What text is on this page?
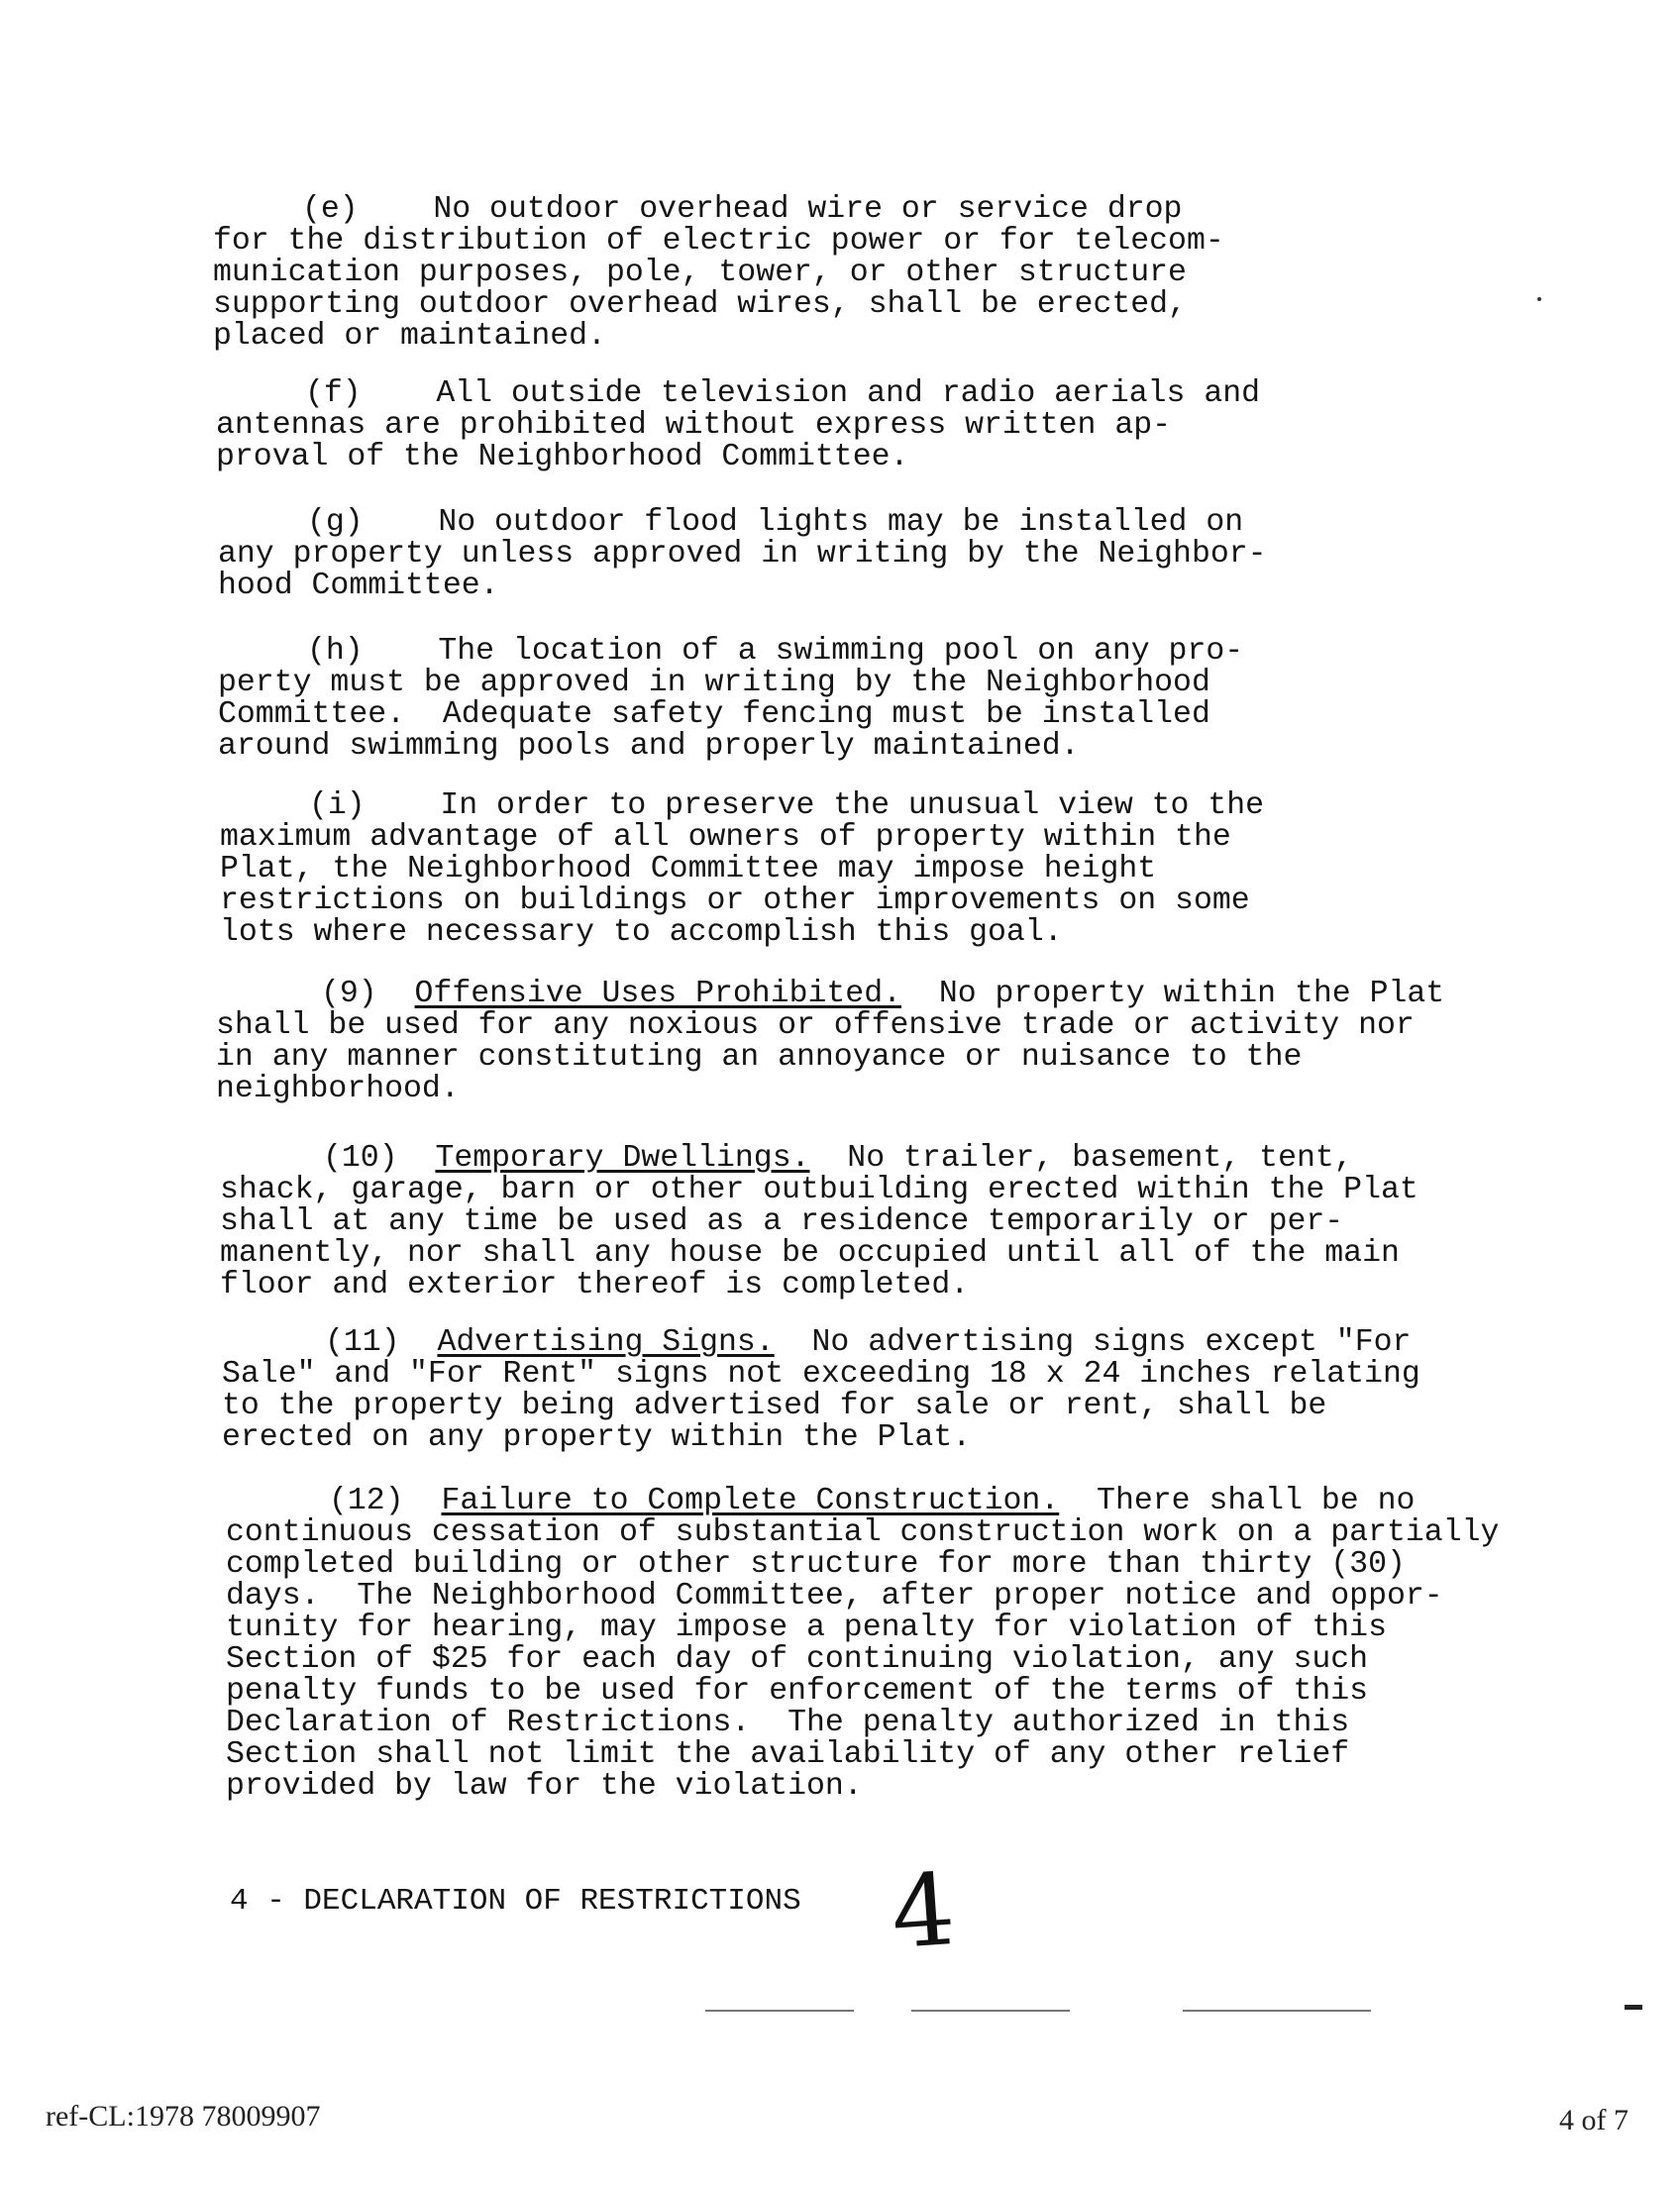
(e)    No outdoor overhead wire or service drop
for the distribution of electric power or for telecom-
munication purposes, pole, tower, or other structure
supporting outdoor overhead wires, shall be erected,
placed or maintained.
(f)    All outside television and radio aerials and
antennas are prohibited without express written ap-
proval of the Neighborhood Committee.
(g)    No outdoor flood lights may be installed on
any property unless approved in writing by the Neighbor-
hood Committee.
(h)    The location of a swimming pool on any pro-
perty must be approved in writing by the Neighborhood
Committee.  Adequate safety fencing must be installed
around swimming pools and properly maintained.
(i)    In order to preserve the unusual view to the
maximum advantage of all owners of property within the
Plat, the Neighborhood Committee may impose height
restrictions on buildings or other improvements on some
lots where necessary to accomplish this goal.
(9) Offensive Uses Prohibited.  No property within the Plat
shall be used for any noxious or offensive trade or activity nor
in any manner constituting an annoyance or nuisance to the
neighborhood.
(10) Temporary Dwellings.  No trailer, basement, tent,
shack, garage, barn or other outbuilding erected within the Plat
shall at any time be used as a residence temporarily or per-
manently, nor shall any house be occupied until all of the main
floor and exterior thereof is completed.
(11) Advertising Signs.  No advertising signs except "For
Sale" and "For Rent" signs not exceeding 18 x 24 inches relating
to the property being advertised for sale or rent, shall be
erected on any property within the Plat.
(12) Failure to Complete Construction.  There shall be no
continuous cessation of substantial construction work on a partially
completed building or other structure for more than thirty (30)
days.  The Neighborhood Committee, after proper notice and oppor-
tunity for hearing, may impose a penalty for violation of this
Section of $25 for each day of continuing violation, any such
penalty funds to be used for enforcement of the terms of this
Declaration of Restrictions.  The penalty authorized in this
Section shall not limit the availability of any other relief
provided by law for the violation.
4 - DECLARATION OF RESTRICTIONS 4
ref-CL:1978 78009907	4 of 7
